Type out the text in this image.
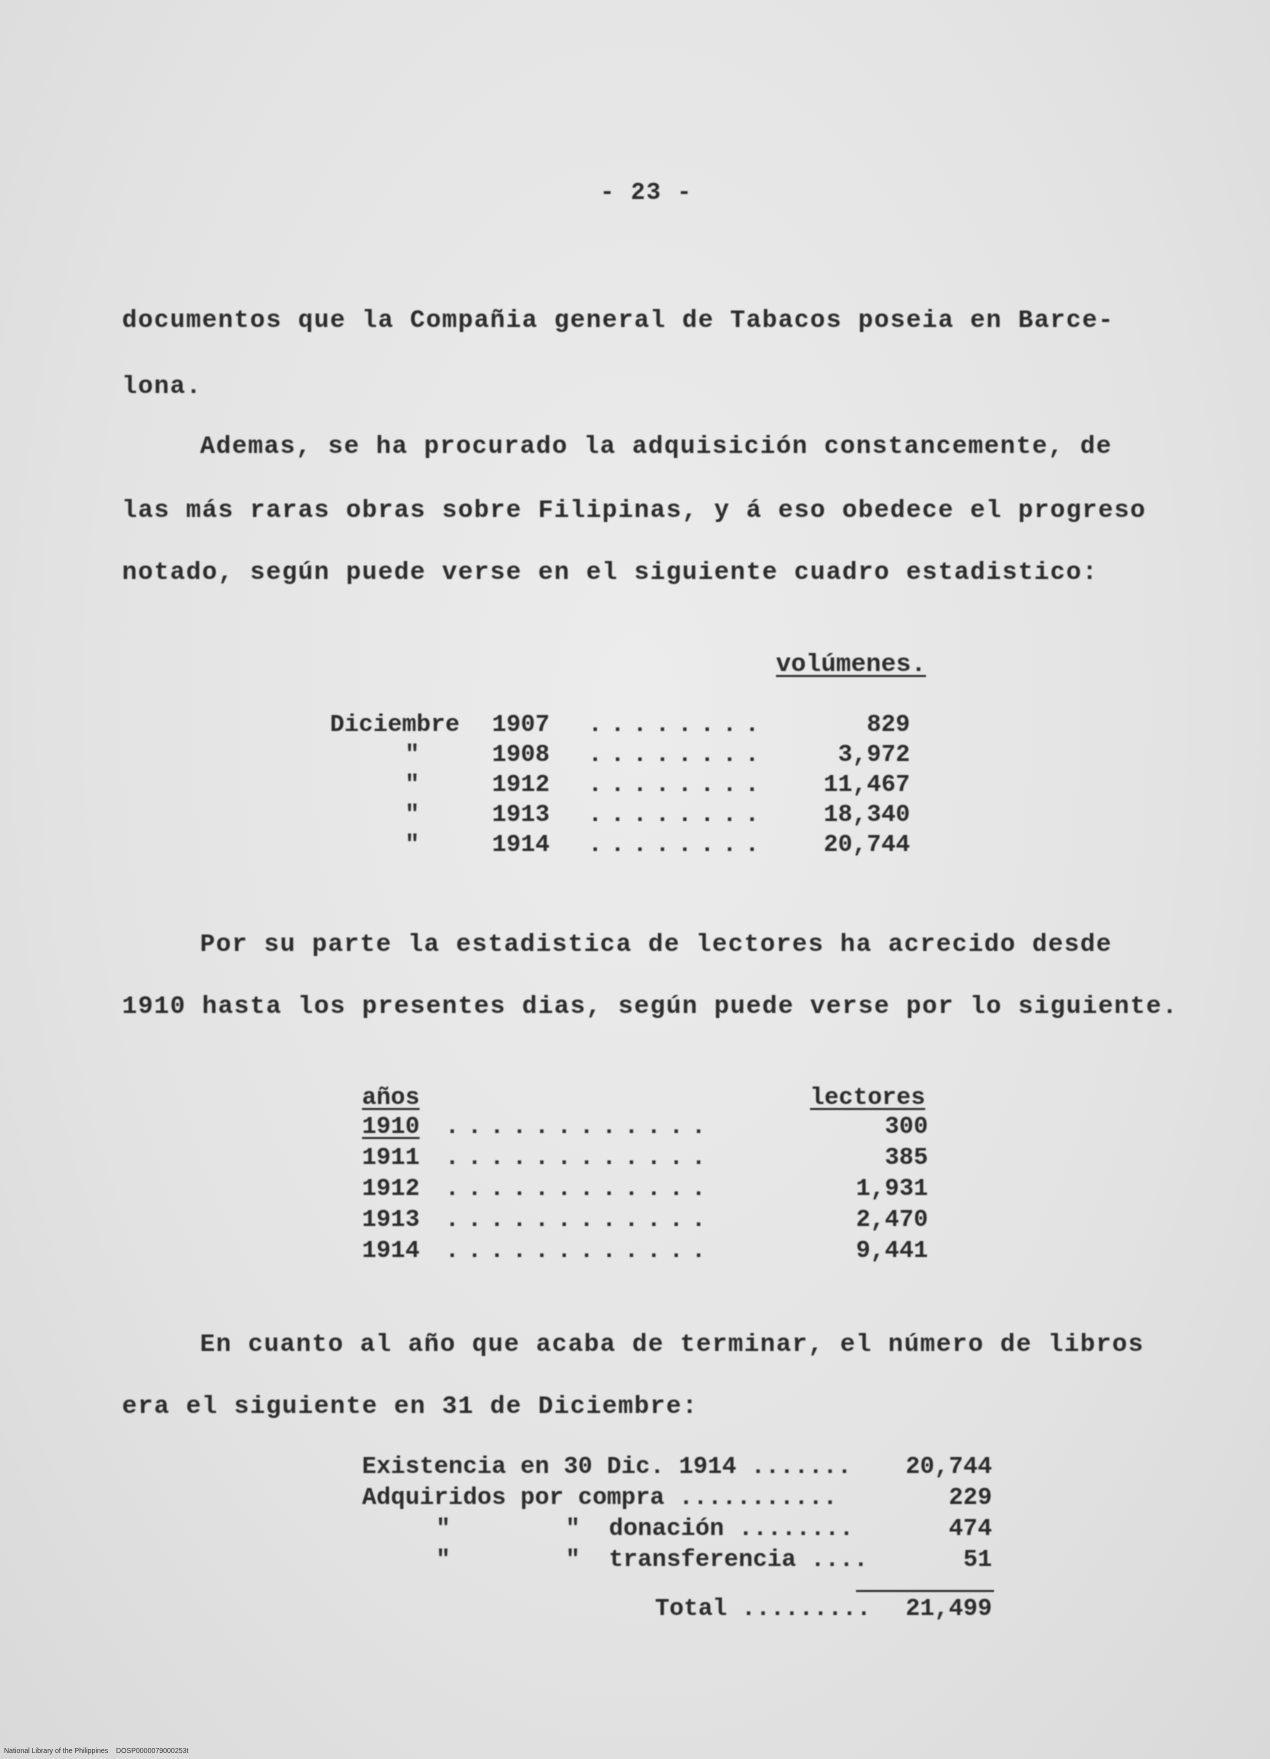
- 23 -
documentos que la Compañia general de Tabacos poseia en Barce-
lona.
Ademas, se ha procurado la adquisición constancemente, de
las más raras obras sobre Filipinas, y á eso obedece el progreso
notado, según puede verse en el siguiente cuadro estadistico:
volúmenes.
Diciembre 1907 ........	829
"	1908 ........	3,972
"	1912 ........	11,467
"	1913 ........	18,340
"	1914 ........	20,744
Por su parte la estadistica de lectores ha acrecido desde
1910 hasta los presentes dias, según puede verse por lo siguiente.
años	lectores
1910 ............	300
1911 ............	385
1912 ............	1,931
1913 ............	2,470
1914 ............	9,441
En cuanto al año que acaba de terminar, el número de libros
era el siguiente en 31 de Diciembre:
Existencia en 30 Dic. 1914 .......	20,744
Adquiridos por compra ...........	229
"        "  donación ........	474
"        "  transferencia ....	51
Total .........	21,499
National Library of the Philippines    DOSP0000079000253t
